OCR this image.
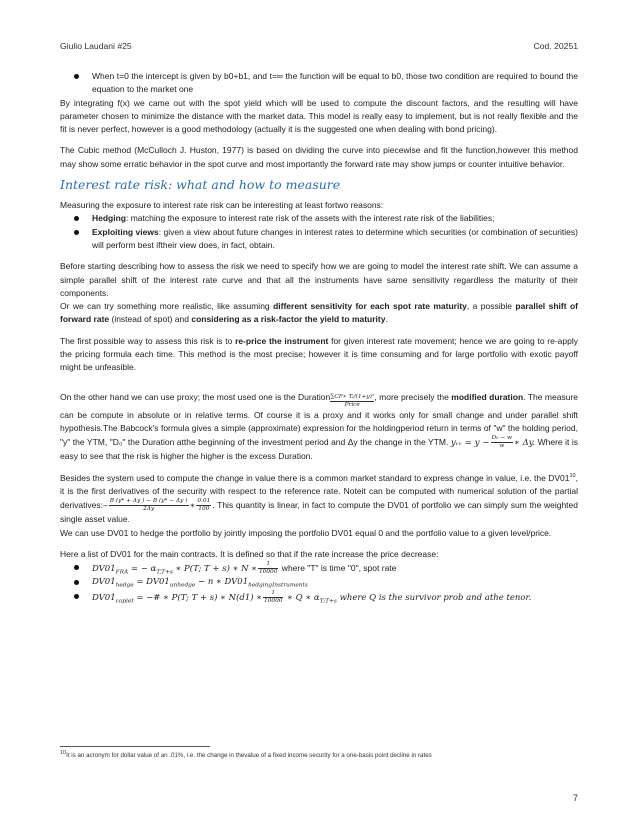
Giulio Laudani #25	Cod. 20251
When t=0 the intercept is given by b0+b1, and t=∞ the function will be equal to b0, those two condition are required to bound the equation to the market one

By integrating f(x) we came out with the spot yield which will be used to compute the discount factors, and the resulting will have parameter chosen to minimize the distance with the market data. This model is really easy to implement, but is not really flexible and the fit is never perfect, however is a good methodology (actually it is the suggested one when dealing with bond pricing).

The Cubic method (McCulloch J. Huston, 1977) is based on dividing the curve into piecewise and fit the function,however this method may show some erratic behavior in the spot curve and most importantly the forward rate may show jumps or counter intuitive behavior.

Interest rate risk: what and how to measure

Measuring the exposure to interest rate risk can be interesting at least fortwo reasons:

Hedging: matching the exposure to interest rate risk of the assets with the interest rate risk of the liabilities;
Exploiting views: given a view about future changes in interest rates to determine which securities (or combination of securities) will perform best iftheir view does, in fact, obtain.

Before starting describing how to assess the risk we need to specify how we are going to model the interest rate shift. We can assume a simple parallel shift of the interest rate curve and that all the instruments have same sensitivity regardless the maturity of their components.

Or we can try something more realistic, like assuming different sensitivity for each spot rate maturity, a possible parallel shift of forward rate (instead of spot) and considering as a risk-factor the yield to maturity.

The first possible way to assess this risk is to re-price the instrument for given interest rate movement; hence we are going to re-apply the pricing formula each time. This method is the most precise; however it is time consuming and for large portfolio with exotic payoff might be unfeasible.

On the other hand we can use proxy; the most used one is the Duration ∑CF∗ Tᵢ/(1+y)ᵀ
Price, more precisely the modified duration. The measure can be compute in absolute or in relative terms. Of course it is a proxy and it works only for small change and under parallel shift hypothesis.The Babcock's formula gives a simple (approximate) expression for the holdingperiod return in terms of "w" the holding period, "y" the YTM, "D₀" the Duration atthe beginning of the investment period and Δy the change in the YTM. yᵥᵥ = $y - \frac{\text{D₀ − w}}{w}$ ∗ Δy. Where it is easy to see that the risk is higher the higher is the excess Duration.

Besides the system used to compute the change in value there is a common market standard to express change in value, i.e. the $DV01^{10}$, it is the first derivatives of the security with respect to the reference rate. Noteit can be computed with numerical solution of the partial derivatives:– $\frac{B (y* + \Delta y ) - B (y* - \Delta y )}{2\Delta y}$ ∗ $\frac{0.01}{100}$ . This quantity is linear, in fact to compute the DV01 of portfolio we can simply sum the weighted single asset value.

We can use DV01 to hedge the portfolio by jointly imposing the portfolio DV01 equal 0 and the portfolio value to a given level/price.

Here a list of DV01 for the main contracts. It is defined so that if the rate increase the price decrease:

$DV01_{FRA}$ = − $\alpha_{T,T+s}$ ∗ P(T; T + s) ∗ N ∗ $\frac{1}{10000}$ where "T" is time "0", spot rate
$DV01_{hedge} = DV01_{unhedge} - n$ ∗ $DV01_{hedgingInstruments}$
$DV01_{caplet}$ = −# ∗ P(T; T + s) ∗ N(d1) ∗ $\frac{1}{10000}$ ∗ Q ∗ $\alpha_{T;T+s}$ where Q is the survivor prob and athe tenor.
$^{10}$It is an acronym for dollar value of an .01%, i.e. the change in thevalue of a fixed income security for a one-basis point decline in rates
7
